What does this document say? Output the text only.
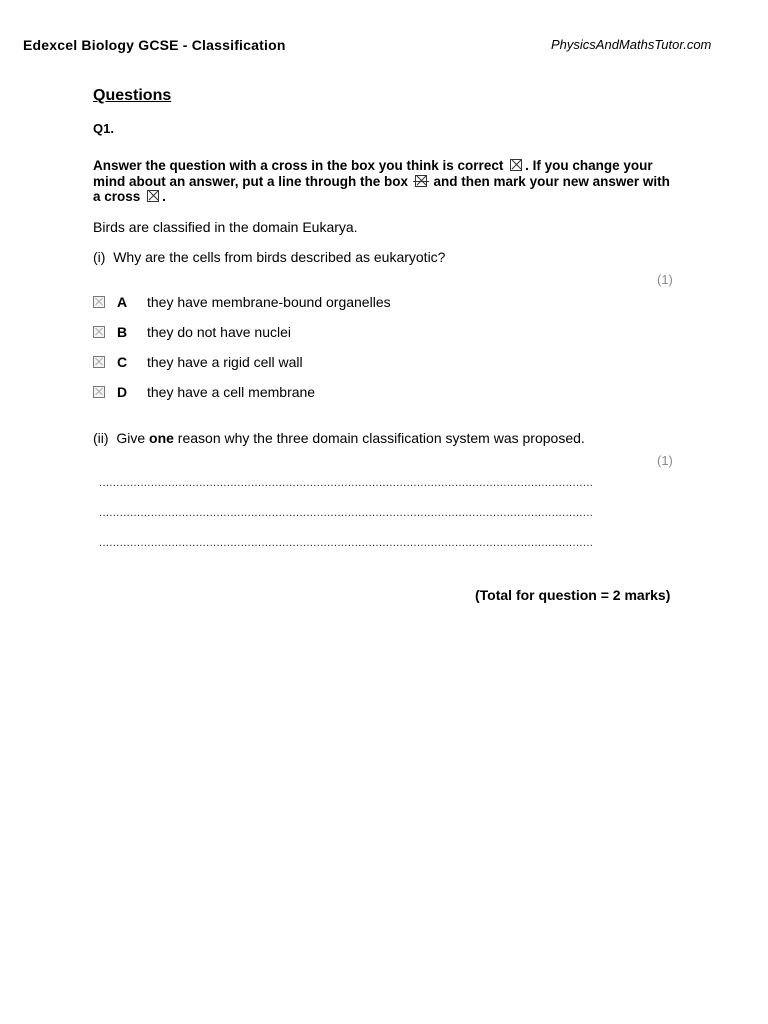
Edexcel Biology GCSE - Classification	PhysicsAndMathsTutor.com
Questions
Q1.
Answer the question with a cross in the box you think is correct ☒ . If you change your mind about an answer, put a line through the box and then mark your new answer with a cross ☒ .
Birds are classified in the domain Eukarya.
(i) Why are the cells from birds described as eukaryotic?
(1)
A	they have membrane-bound organelles
B	they do not have nuclei
C	they have a rigid cell wall
D	they have a cell membrane
(ii) Give one reason why the three domain classification system was proposed.
(1)
...............................................................................................................................................
...............................................................................................................................................
...............................................................................................................................................
(Total for question = 2 marks)
